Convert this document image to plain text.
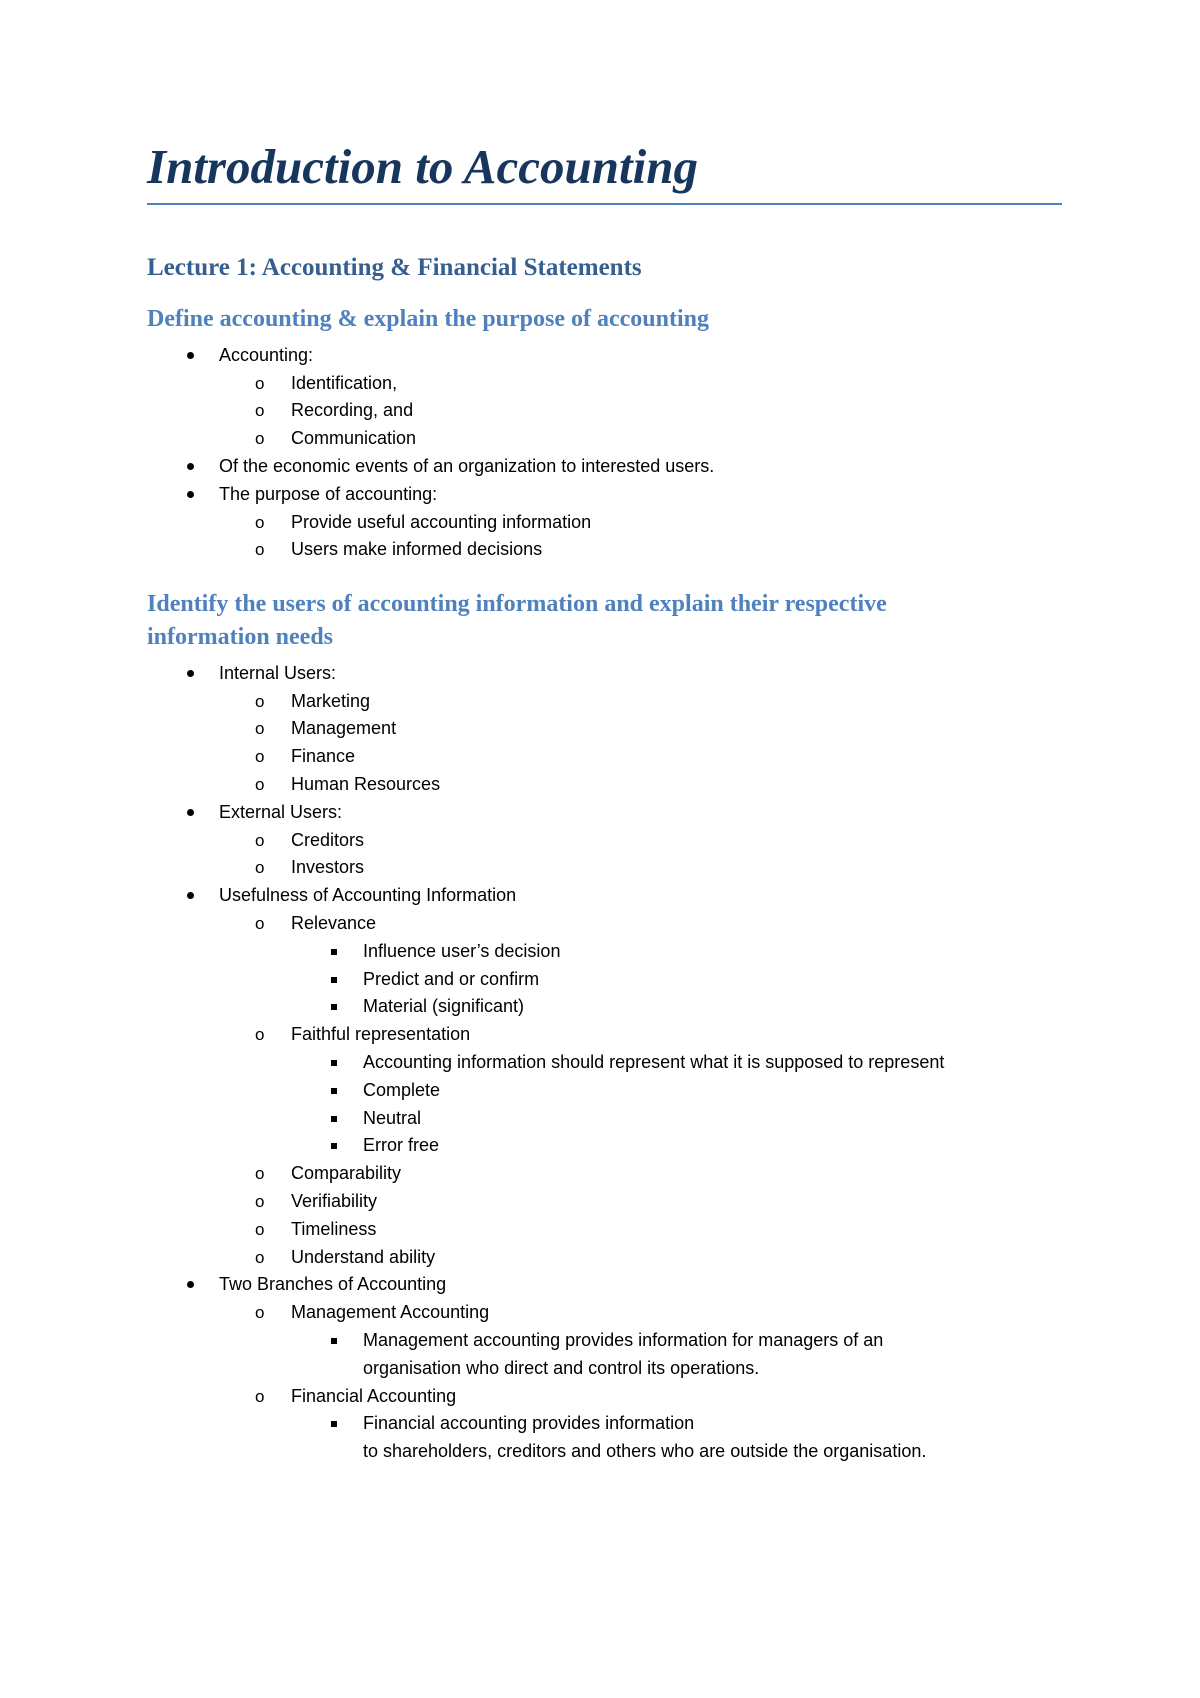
Introduction to Accounting
Lecture 1: Accounting & Financial Statements
Define accounting & explain the purpose of accounting
Accounting:
o Identification,
o Recording, and
o Communication
Of the economic events of an organization to interested users.
The purpose of accounting:
o Provide useful accounting information
o Users make informed decisions
Identify the users of accounting information and explain their respective
information needs
Internal Users:
o Marketing
o Management
o Finance
o Human Resources
External Users:
o Creditors
o Investors
Usefulness of Accounting Information
o Relevance
Influence user’s decision
Predict and or confirm
Material (significant)
o Faithful representation
Accounting information should represent what it is supposed to represent
Complete
Neutral
Error free
o Comparability
o Verifiability
o Timeliness
o Understand ability
Two Branches of Accounting
o Management Accounting
Management accounting provides information for managers of an
organisation who direct and control its operations.
o Financial Accounting
Financial accounting provides information
to shareholders, creditors and others who are outside the organisation.
